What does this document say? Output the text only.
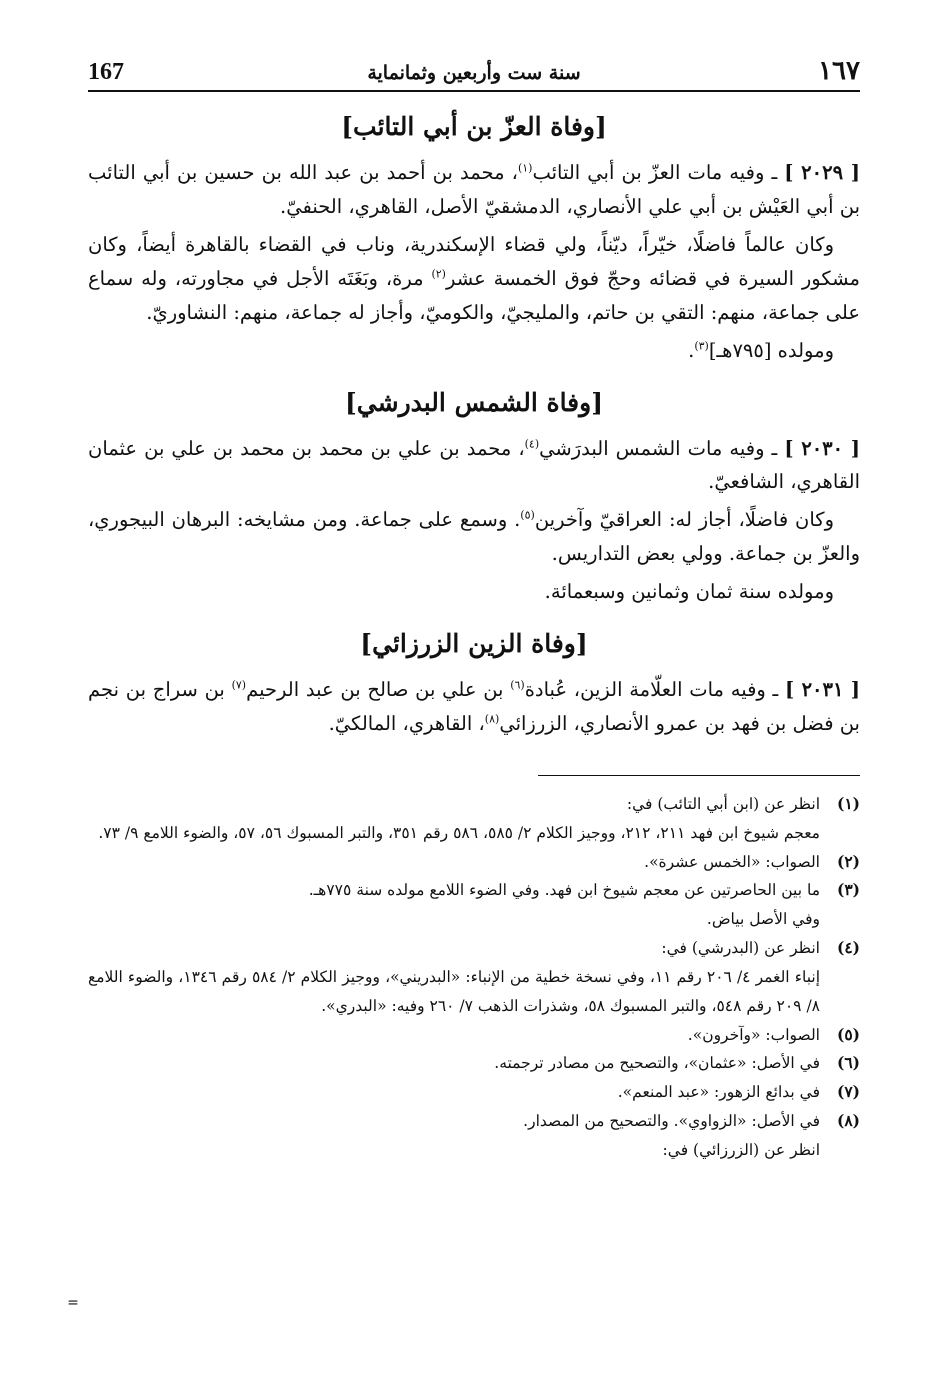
١٦٧
سنة ست وأربعين وثمانماية
167
[وفاة العزّ بن أبي التائب]

[ ٢٠٢٩ ] ـ وفيه مات العزّ بن أبي التائب$^{(١)}$، محمد بن أحمد بن عبد الله بن حسين بن أبي التائب بن أبي العَيْش بن أبي علي الأنصاري، الدمشقيّ الأصل، القاهري، الحنفيّ.

وكان عالماً فاضلًا، خيّراً، ديّناً، ولي قضاء الإسكندرية، وناب في القضاء بالقاهرة أيضاً، وكان مشكور السيرة في قضائه وحجّ فوق الخمسة عشر$^{(٢)}$ مرة، وبَغَتَه الأجل في مجاورته، وله سماع على جماعة، منهم: التقي بن حاتم، والمليجيّ، والكوميّ، وأجاز له جماعة، منهم: النشاوريّ.

ومولده [٧٩٥هـ]$^{(٣)}$.

[وفاة الشمس البدرشي]

[ ٢٠٣٠ ] ـ وفيه مات الشمس البدرَشي$^{(٤)}$، محمد بن علي بن محمد بن محمد بن علي بن عثمان القاهري، الشافعيّ.

وكان فاضلًا، أجاز له: العراقيّ وآخرين$^{(٥)}$. وسمع على جماعة. ومن مشايخه: البرهان البيجوري، والعزّ بن جماعة. وولي بعض التداريس.

ومولده سنة ثمان وثمانين وسبعمائة.

[وفاة الزين الزرزائي]

[ ٢٠٣١ ] ـ وفيه مات العلّامة الزين، عُبادة$^{(٦)}$ بن علي بن صالح بن عبد الرحيم$^{(٧)}$ بن سراج بن نجم بن فضل بن فهد بن عمرو الأنصاري، الزرزائي$^{(٨)}$، القاهري، المالكيّ.

(١)
انظر عن (ابن أبي التائب) في:
معجم شيوخ ابن فهد ٢١١، ٢١٢، ووجيز الكلام ٢/ ٥٨٥، ٥٨٦ رقم ٣٥١، والتبر المسبوك ٥٦، ٥٧، والضوء اللامع ٩/ ٧٣.
(٢)
الصواب: «الخمس عشرة».
(٣)
ما بين الحاصرتين عن معجم شيوخ ابن فهد. وفي الضوء اللامع مولده سنة ٧٧٥هـ.
وفي الأصل بياض.
(٤)
انظر عن (البدرشي) في:
إنباء الغمر ٤/ ٢٠٦ رقم ١١، وفي نسخة خطية من الإنباء: «البدريني»، ووجيز الكلام ٢/ ٥٨٤ رقم ١٣٤٦، والضوء اللامع ٨/ ٢٠٩ رقم ٥٤٨، والتبر المسبوك ٥٨، وشذرات الذهب ٧/ ٢٦٠ وفيه: «البدري».
(٥)
الصواب: «وآخرون».
(٦)
في الأصل: «عثمان»، والتصحيح من مصادر ترجمته.
(٧)
في بدائع الزهور: «عبد المنعم».
(٨)
في الأصل: «الزواوي». والتصحيح من المصدار.
انظر عن (الزرزائي) في:
=
